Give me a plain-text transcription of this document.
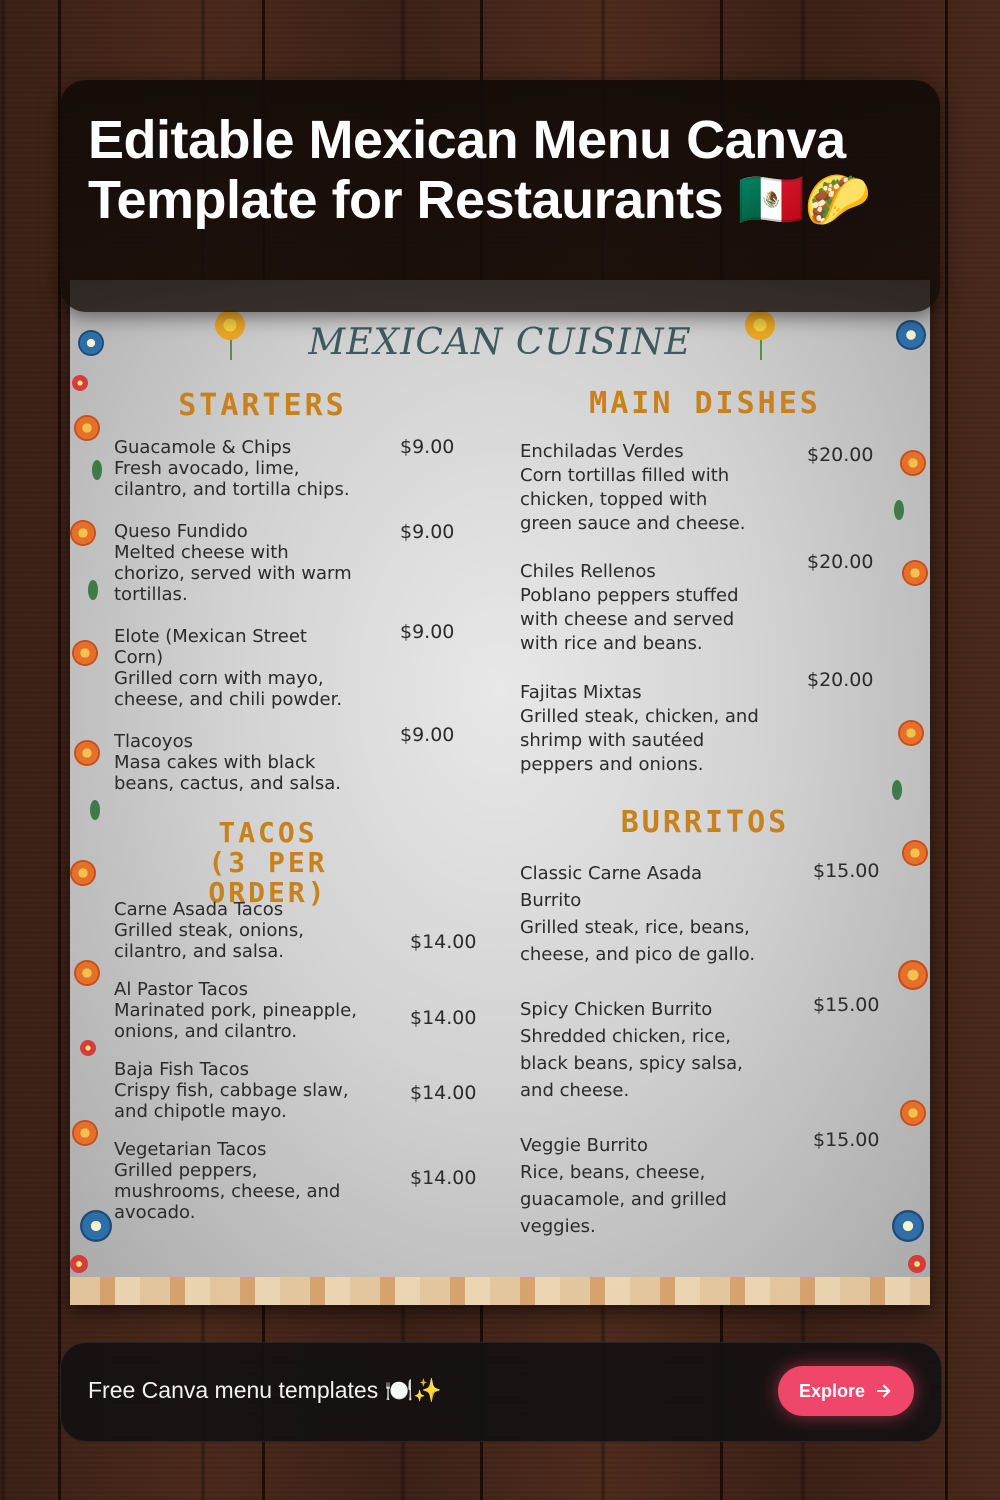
MEXICAN CUISINE
STARTERS
Guacamole & Chips
Fresh avocado, lime,
cilantro, and tortilla chips.
$9.00
Queso Fundido
Melted cheese with
chorizo, served with warm
tortillas.
$9.00
Elote (Mexican Street
Corn)
Grilled corn with mayo,
cheese, and chili powder.
$9.00
Tlacoyos
Masa cakes with black
beans, cactus, and salsa.
$9.00
TACOS
(3 PER ORDER)
Carne Asada Tacos
Grilled steak, onions,
cilantro, and salsa.	$14.00
Al Pastor Tacos
Marinated pork, pineapple,
onions, and cilantro.
$14.00
Baja Fish Tacos
Crispy fish, cabbage slaw,
and chipotle mayo.
$14.00
Vegetarian Tacos
Grilled peppers,
mushrooms, cheese, and
avocado.
$14.00
MAIN DISHES
Enchiladas Verdes
Corn tortillas filled with
chicken, topped with
green sauce and cheese.
$20.00
Chiles Rellenos
Poblano peppers stuffed
with cheese and served
with rice and beans.
$20.00
Fajitas Mixtas
Grilled steak, chicken, and
shrimp with sautéed
peppers and onions.
$20.00
BURRITOS
Classic Carne Asada
Burrito
Grilled steak, rice, beans,
cheese, and pico de gallo.
$15.00
Spicy Chicken Burrito
Shredded chicken, rice,
black beans, spicy salsa,
and cheese.
$15.00
Veggie Burrito
Rice, beans, cheese,
guacamole, and grilled
veggies.
$15.00
Editable Mexican Menu Canva Template for Restaurants 🇲🇽🌮
Free Canva menu templates 🍽️✨	Explore
